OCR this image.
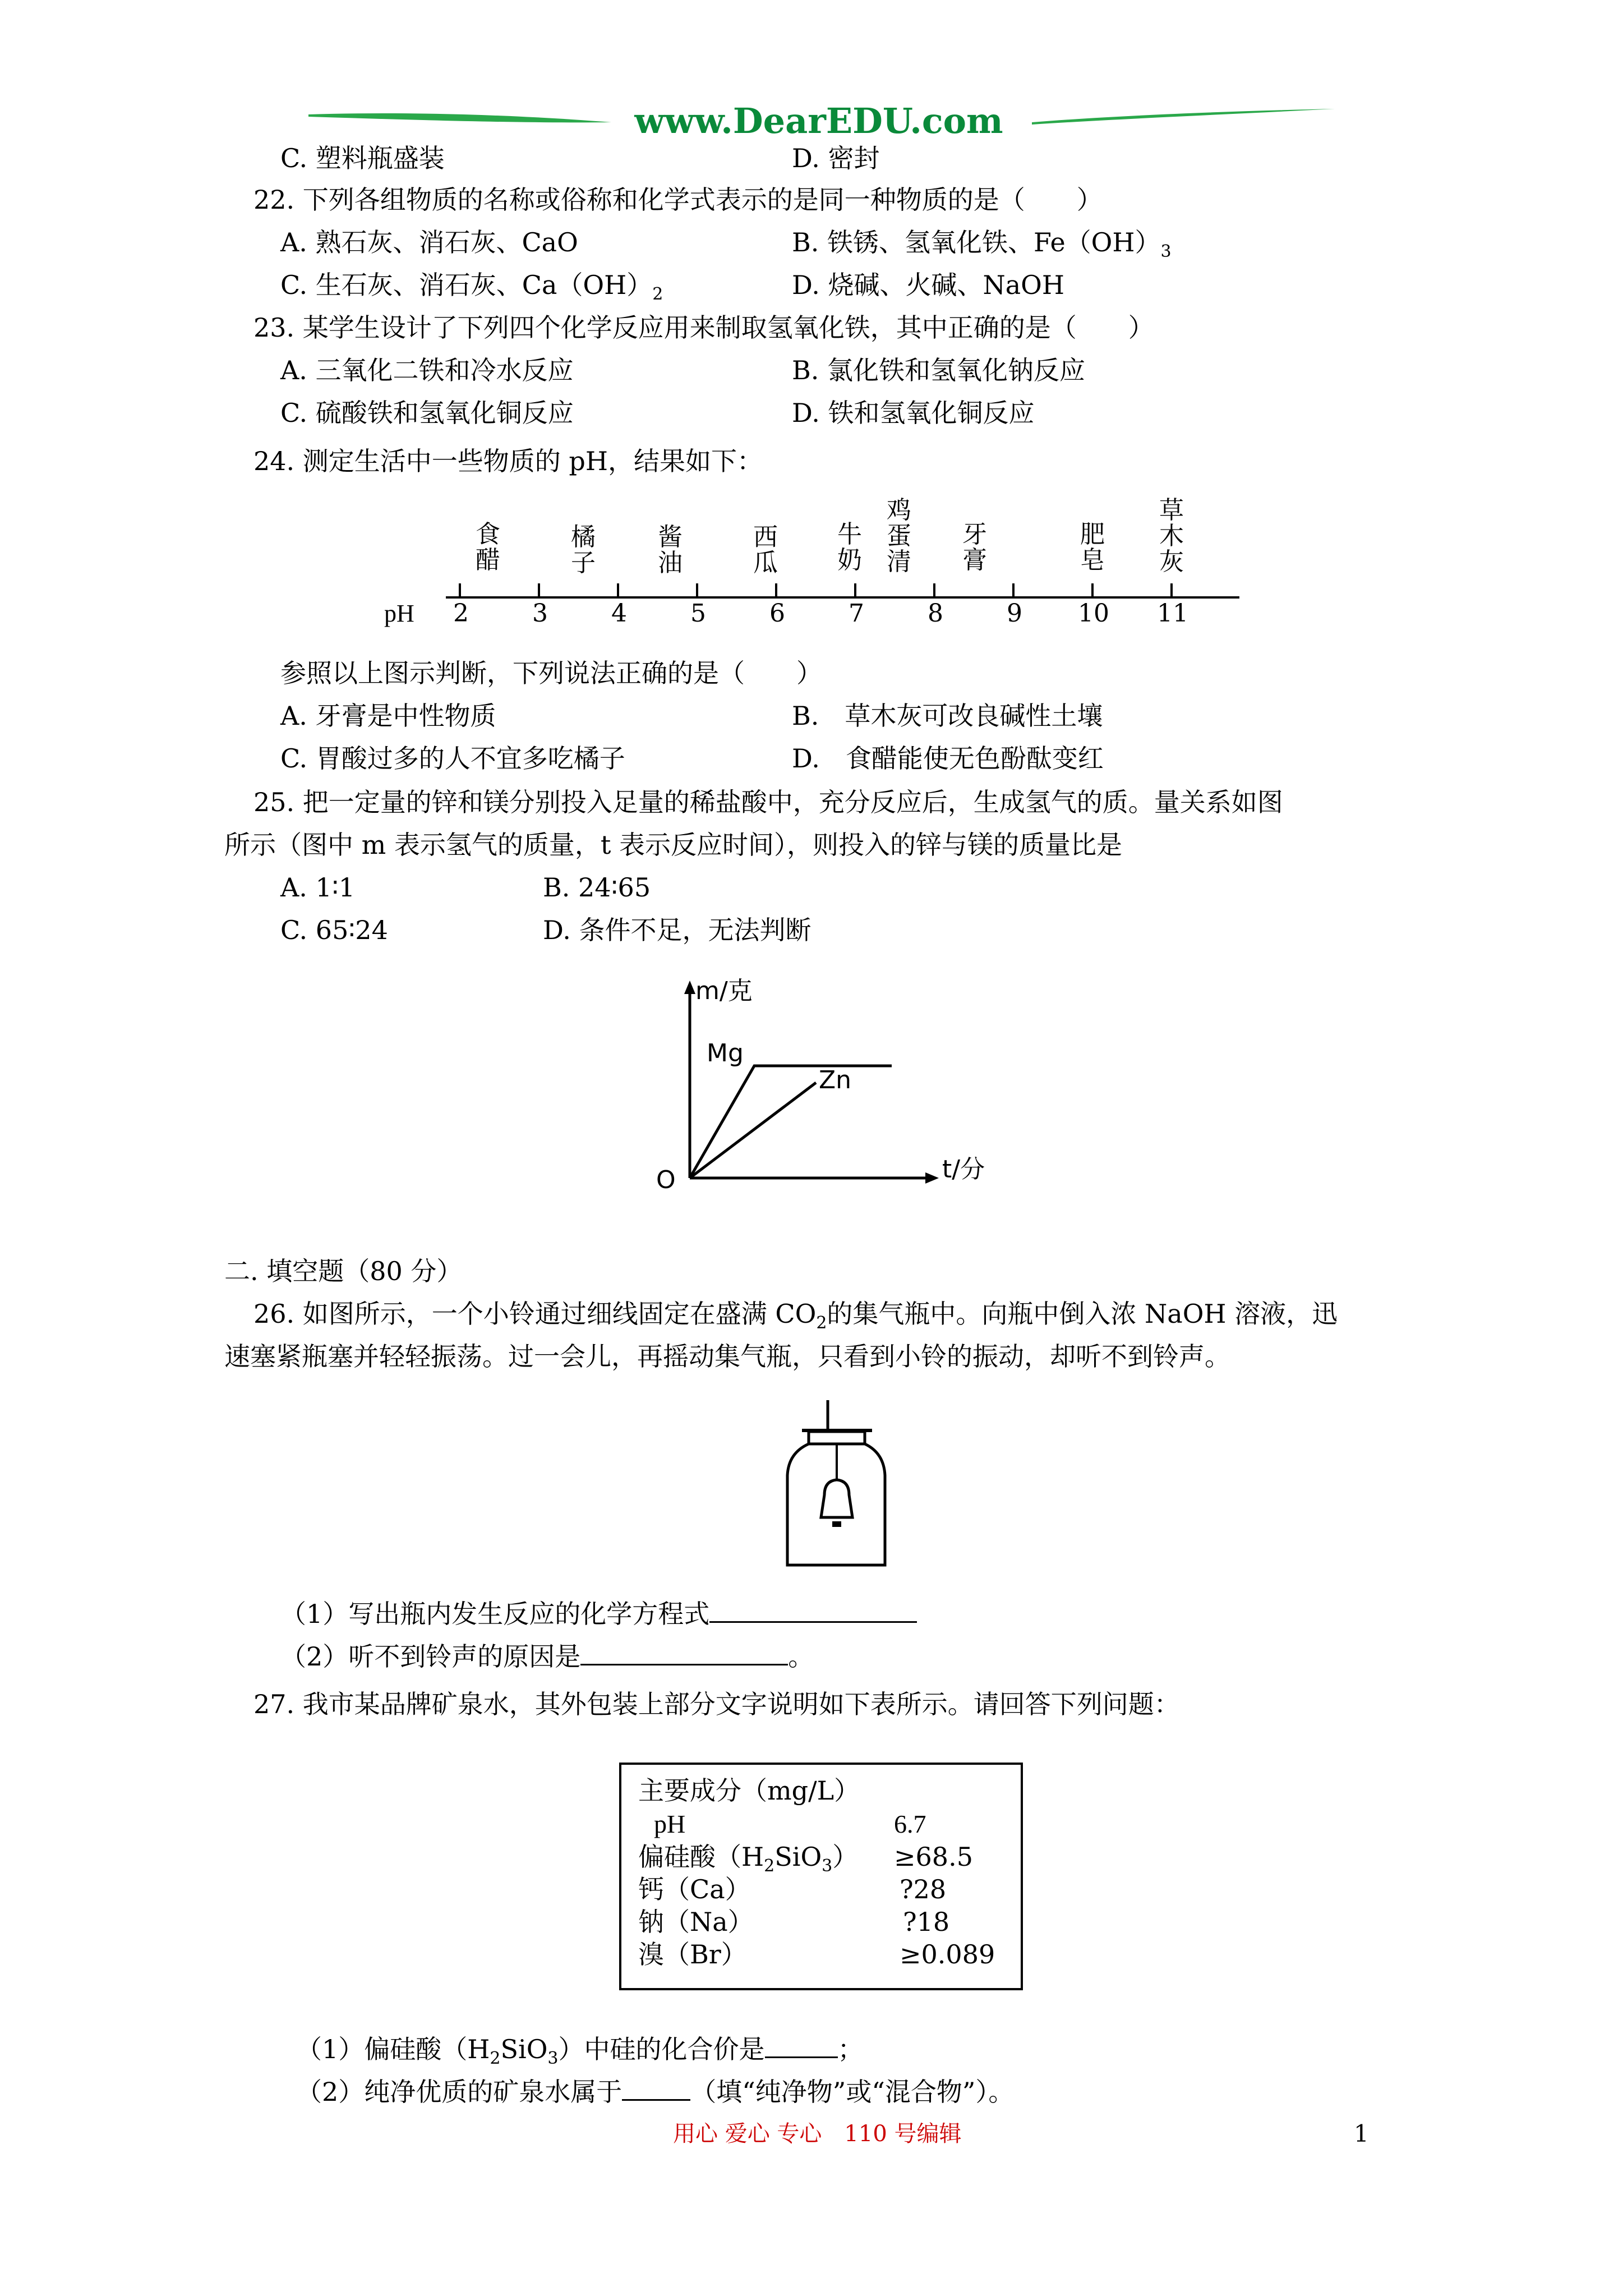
www.DearEDU.com
C. 塑料瓶盛装	D. 密封
22. 下列各组物质的名称或俗称和化学式表示的是同一种物质的是（　　）
A. 熟石灰、消石灰、CaO	B. 铁锈、氢氧化铁、$Fe(OH)_3$
C. 生石灰、消石灰、$Ca(OH)_2$	D. 烧碱、火碱、NaOH
23. 某学生设计了下列四个化学反应用来制取氢氧化铁，其中正确的是（　　）
A. 三氧化二铁和冷水反应	B. 氯化铁和氢氧化钠反应
C. 硫酸铁和氢氧化铜反应	D. 铁和氢氧化铜反应
24. 测定生活中一些物质的 pH，结果如下：
pH 2	3	4	5	6	7	8	9 10 11
食醋
橘子
酱油
西瓜
牛奶
鸡蛋清
牙膏
肥皂
草木灰
参照以上图示判断，下列说法正确的是（　　）
A. 牙膏是中性物质	B.　草木灰可改良碱性土壤
C. 胃酸过多的人不宜多吃橘子	D.　食醋能使无色酚酞变红
25. 把一定量的锌和镁分别投入足量的稀盐酸中，充分反应后，生成氢气的质。量关系如图
所示（图中 m 表示氢气的质量，t 表示反应时间），则投入的锌与镁的质量比是
A. 1∶1	B. 24∶65
C. 65∶24	D. 条件不足，无法判断
m/克
Mg
Zn
O	t/分
二. 填空题（80 分）
26. 如图所示，一个小铃通过细线固定在盛满 $CO_2$的集气瓶中。向瓶中倒入浓 NaOH 溶液，迅
速塞紧瓶塞并轻轻振荡。过一会儿，再摇动集气瓶，只看到小铃的振动，却听不到铃声。
（1）写出瓶内发生反应的化学方程式
（2）听不到铃声的原因是	。
27. 我市某品牌矿泉水，其外包装上部分文字说明如下表所示。请回答下列问题：
主要成分（mg/L）
pH	6.7
偏硅酸$(H_2SiO_3) \ge 68.5$
钙（Ca）	?28
钠（Na）	?18
溴（Br）	≥0.089
（1）偏硅酸$(H_2SiO_3)$中硅的化合价是	；
（2）纯净优质的矿泉水属于	（填“纯净物”或“混合物”）。
用心 爱心 专心　110 号编辑	1
